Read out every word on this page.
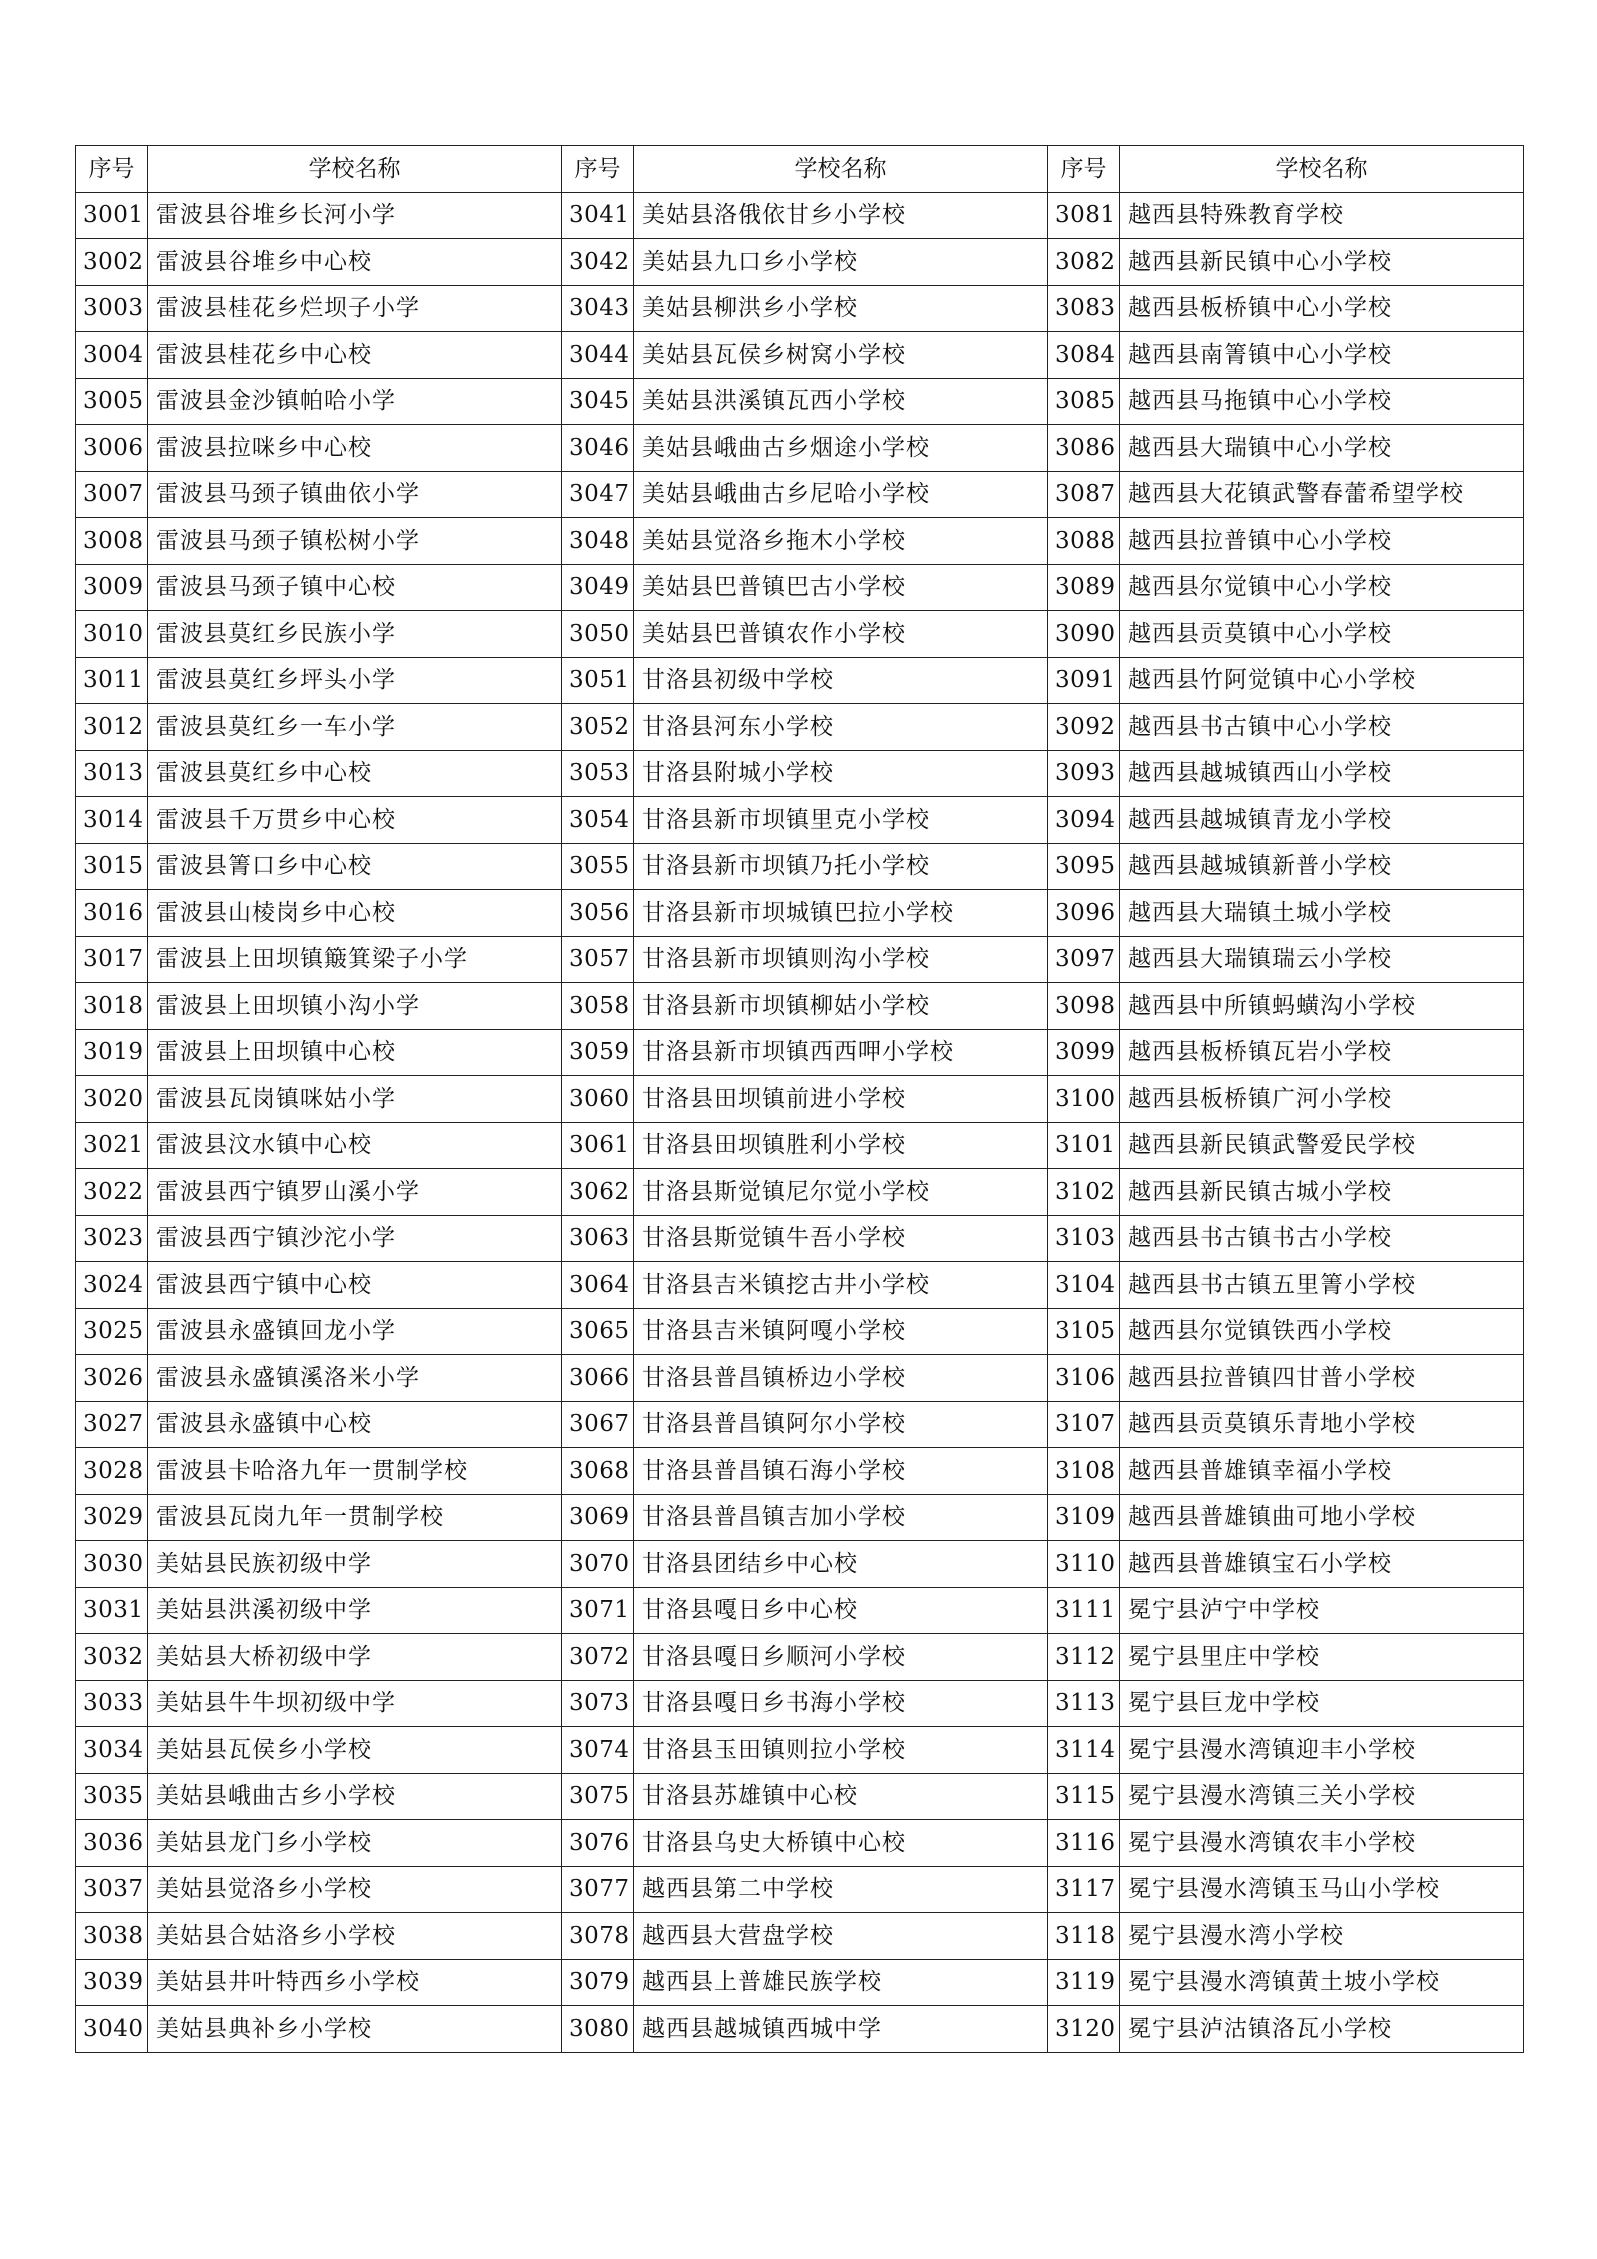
序号	学校名称	序号	学校名称	序号	学校名称
3001	雷波县谷堆乡长河小学	3041	美姑县洛俄依甘乡小学校	3081	越西县特殊教育学校
3002	雷波县谷堆乡中心校	3042	美姑县九口乡小学校	3082	越西县新民镇中心小学校
3003	雷波县桂花乡烂坝子小学	3043	美姑县柳洪乡小学校	3083	越西县板桥镇中心小学校
3004	雷波县桂花乡中心校	3044	美姑县瓦侯乡树窝小学校	3084	越西县南箐镇中心小学校
3005	雷波县金沙镇帕哈小学	3045	美姑县洪溪镇瓦西小学校	3085	越西县马拖镇中心小学校
3006	雷波县拉咪乡中心校	3046	美姑县峨曲古乡烟途小学校	3086	越西县大瑞镇中心小学校
3007	雷波县马颈子镇曲依小学	3047	美姑县峨曲古乡尼哈小学校	3087	越西县大花镇武警春蕾希望学校
3008	雷波县马颈子镇松树小学	3048	美姑县觉洛乡拖木小学校	3088	越西县拉普镇中心小学校
3009	雷波县马颈子镇中心校	3049	美姑县巴普镇巴古小学校	3089	越西县尔觉镇中心小学校
3010	雷波县莫红乡民族小学	3050	美姑县巴普镇农作小学校	3090	越西县贡莫镇中心小学校
3011	雷波县莫红乡坪头小学	3051	甘洛县初级中学校	3091	越西县竹阿觉镇中心小学校
3012	雷波县莫红乡一车小学	3052	甘洛县河东小学校	3092	越西县书古镇中心小学校
3013	雷波县莫红乡中心校	3053	甘洛县附城小学校	3093	越西县越城镇西山小学校
3014	雷波县千万贯乡中心校	3054	甘洛县新市坝镇里克小学校	3094	越西县越城镇青龙小学校
3015	雷波县箐口乡中心校	3055	甘洛县新市坝镇乃托小学校	3095	越西县越城镇新普小学校
3016	雷波县山棱岗乡中心校	3056	甘洛县新市坝城镇巴拉小学校	3096	越西县大瑞镇土城小学校
3017	雷波县上田坝镇簸箕梁子小学	3057	甘洛县新市坝镇则沟小学校	3097	越西县大瑞镇瑞云小学校
3018	雷波县上田坝镇小沟小学	3058	甘洛县新市坝镇柳姑小学校	3098	越西县中所镇蚂蟥沟小学校
3019	雷波县上田坝镇中心校	3059	甘洛县新市坝镇西西呷小学校	3099	越西县板桥镇瓦岩小学校
3020	雷波县瓦岗镇咪姑小学	3060	甘洛县田坝镇前进小学校	3100	越西县板桥镇广河小学校
3021	雷波县汶水镇中心校	3061	甘洛县田坝镇胜利小学校	3101	越西县新民镇武警爱民学校
3022	雷波县西宁镇罗山溪小学	3062	甘洛县斯觉镇尼尔觉小学校	3102	越西县新民镇古城小学校
3023	雷波县西宁镇沙沱小学	3063	甘洛县斯觉镇牛吾小学校	3103	越西县书古镇书古小学校
3024	雷波县西宁镇中心校	3064	甘洛县吉米镇挖古井小学校	3104	越西县书古镇五里箐小学校
3025	雷波县永盛镇回龙小学	3065	甘洛县吉米镇阿嘎小学校	3105	越西县尔觉镇铁西小学校
3026	雷波县永盛镇溪洛米小学	3066	甘洛县普昌镇桥边小学校	3106	越西县拉普镇四甘普小学校
3027	雷波县永盛镇中心校	3067	甘洛县普昌镇阿尔小学校	3107	越西县贡莫镇乐青地小学校
3028	雷波县卡哈洛九年一贯制学校	3068	甘洛县普昌镇石海小学校	3108	越西县普雄镇幸福小学校
3029	雷波县瓦岗九年一贯制学校	3069	甘洛县普昌镇吉加小学校	3109	越西县普雄镇曲可地小学校
3030	美姑县民族初级中学	3070	甘洛县团结乡中心校	3110	越西县普雄镇宝石小学校
3031	美姑县洪溪初级中学	3071	甘洛县嘎日乡中心校	3111	冕宁县泸宁中学校
3032	美姑县大桥初级中学	3072	甘洛县嘎日乡顺河小学校	3112	冕宁县里庄中学校
3033	美姑县牛牛坝初级中学	3073	甘洛县嘎日乡书海小学校	3113	冕宁县巨龙中学校
3034	美姑县瓦侯乡小学校	3074	甘洛县玉田镇则拉小学校	3114	冕宁县漫水湾镇迎丰小学校
3035	美姑县峨曲古乡小学校	3075	甘洛县苏雄镇中心校	3115	冕宁县漫水湾镇三关小学校
3036	美姑县龙门乡小学校	3076	甘洛县乌史大桥镇中心校	3116	冕宁县漫水湾镇农丰小学校
3037	美姑县觉洛乡小学校	3077	越西县第二中学校	3117	冕宁县漫水湾镇玉马山小学校
3038	美姑县合姑洛乡小学校	3078	越西县大营盘学校	3118	冕宁县漫水湾小学校
3039	美姑县井叶特西乡小学校	3079	越西县上普雄民族学校	3119	冕宁县漫水湾镇黄土坡小学校
3040	美姑县典补乡小学校	3080	越西县越城镇西城中学	3120	冕宁县泸沽镇洛瓦小学校
